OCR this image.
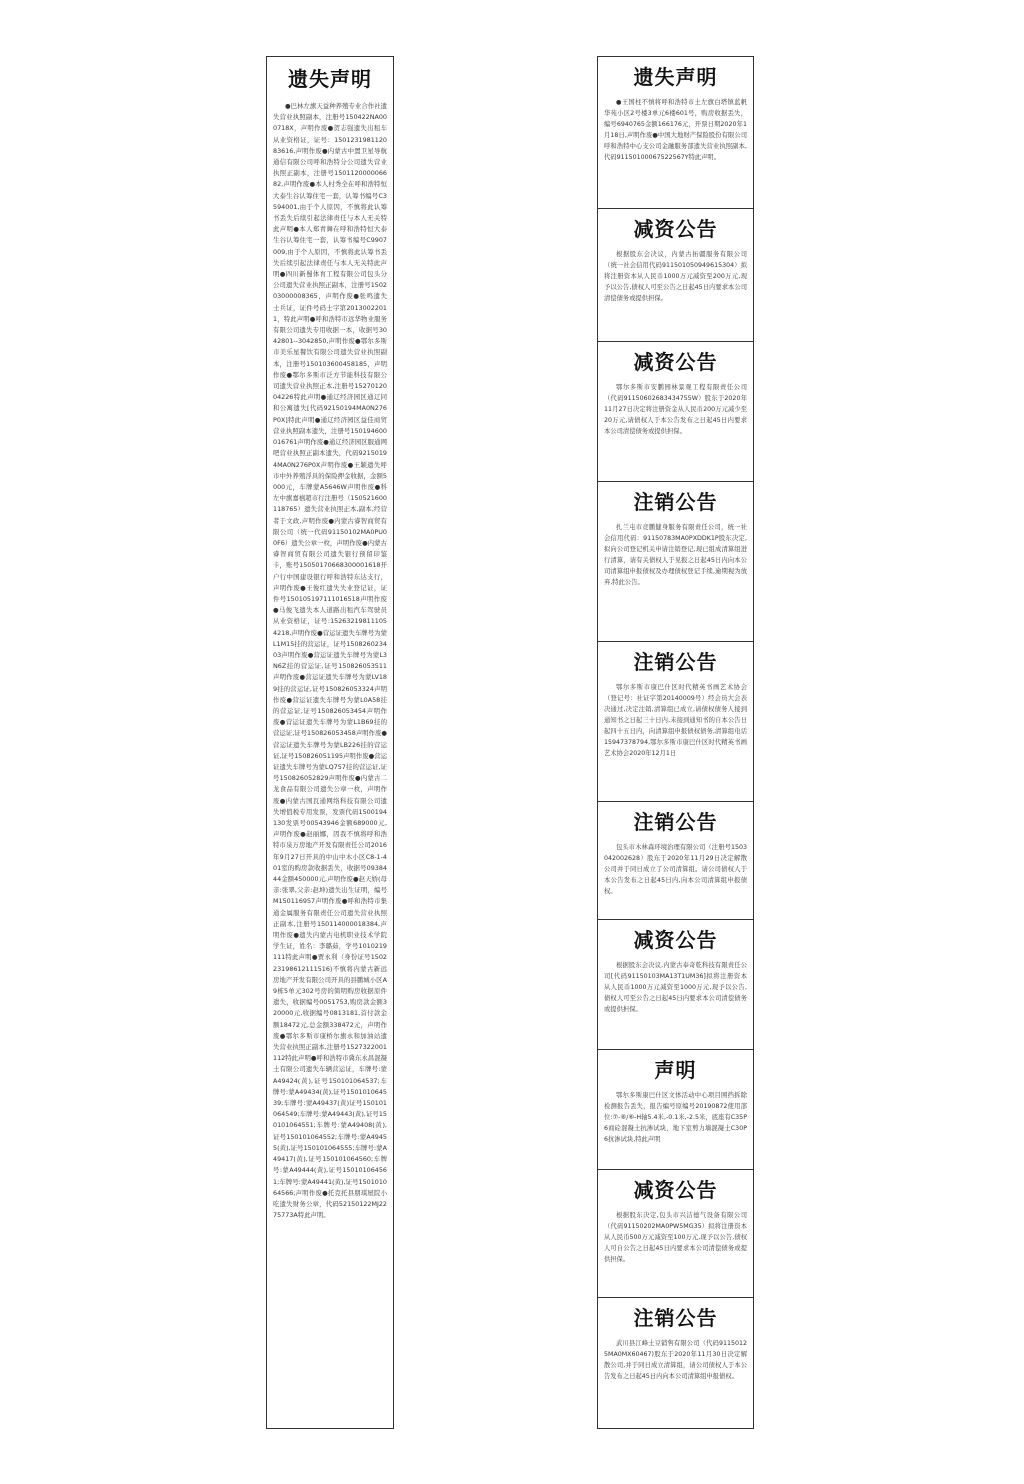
遗失声明
●巴林左旗天益种养殖专业合作社遗失营业执照副本，注册号150422NA000718X，声明作废●贺志强遗失出租车从业资格证，证号：150123198112083616,声明作废●内蒙古中置卫星导航通信有限公司呼和浩特分公司遗失营业执照正副本，注册号150112000006682,声明作废●本人村秀全在呼和浩特恒大泰生谷认筹住宅一套，认筹书编号C3594001,由于个人原因，不慎将此认筹书丢失后续引起法律责任与本人无关特此声明●本人郑青舞在呼和浩特恒大泰生谷认筹住宅一套，认筹书编号C9907009,由于个人原因，不慎将此认筹书丢失后续引起法律责任与本人无关特此声明●四川新蜀体育工程有限公司包头分公司遗失营业执照正副本，注册号150203000008365，声明作废●张鸣遗失士兵证，证件号码士字第20130022011，特此声明●呼和浩特市远华物业服务有限公司遗失专用收据一本，收据号3042801--3042850,声明作废●鄂尔多斯市美乐星餐饮有限公司遗失营业执照副本，注册号150103600458185，声明作废●鄂尔多斯市泛方节能科技有限公司遗失营业执照正本,注册号152701200422​6特此声明●通辽经济园区通辽同和公寓遗失[代码92150194MA0N276P0X]特此声明●通辽经济园区益佳商贸营业执照副本遗失，注册号150194600016761声明作废●通辽经济园区服通网吧营业执照正副本遗失，代码92150194MA0N276P0X声明作废●王颖遗失呼市中外养殖浮具的保险押金收据，金额5000元，车牌蒙A5646W声明作废●科左中旗嘉禧超市行注册号（150521600118765）遗失营业执照正本,副本,经营者于文政,声明作废●内蒙古睿智商贸有限公司（统一代码91150102MA0PU00F6）遗失公章一枚，声明作废●内蒙古睿智商贸有限公司遗失银行预留印鉴卡，账号15050170668300001618开户行中国建设银行呼和浩特东达支行，声明作废●王俊红遗失失业登记证，证件号150105197111016518声明作废●马俊飞遗失本人道路出租汽车驾驶员从业资格证，证号:152632198111054218,声明作废●营运证遗失车牌号为蒙L1M15挂的营运证，证号150826023403声明作废●营运证遗失车牌号为蒙L3N6Z挂的营运证,证号150826053511声明作废●营运证遗失车牌号为蒙LV189挂的营运证,证号150826053324声明作废●营运证遗失车牌号为蒙L0A58挂的营运证,证号150826053454声明作废●营运证遗失车牌号为蒙L1B69挂的营运证,证号150826053458声明作废●营运证遗失车牌号为蒙LB226挂的营运证,证号150826051195声明作废●营运证遗失车牌号为蒙LQ757挂的营运证,证号150826052829声明作废●内蒙古二龙食品有限公司遗失公章一枚，声明作废●内蒙古国瓦通网络科技有限公司遗失增值税专用发票，发票代码1500194130发票号00543946金额689000元,声明作废●赵丽娜，因我不慎将呼和浩特市泉万房地产开发有限责任公司2016年9月27日开具的中山中木小区C8-1-401室的购房款收据丢失，收据号0938444金额450000元,声明作废●赵天娇(母亲:张翠,父亲:赵坤)遗失出生证明，编号M150116957声明作废●呼和浩特市集通金属服务有限责任公司遗失营业执照正副本,注册号150114000018384,声明作废●遗失内蒙古电机职业技术学院学生证，姓名：李璐茹，学号1010219111特此声明●贾永利（身份证号150223198612111516)不慎将内蒙古新远房地产开发有限公司开具的县鹏城小区A9栋5单元302号房的简明购房收据原件遗失，收据编号0051753,购房款金额320000元,收据编号0813181,首付款金额18472元,总金额338472元，声明作废●鄂尔多斯市康桥尔旗永和加油站遗失营业执照正副本,注册号1527322001112特此声明●呼和浩特市冀东永昌混凝土有限公司遗失车辆营运证，车牌号:蒙A49424(黄),证号150101064537;车牌号:蒙A49434(黄),证号150101064539;车牌号:蒙A49437(黄)证号150101064549;车牌号:蒙A49443(黄),证号150101064551;车牌号:蒙A49408(黄),证号150101064552;车牌号:蒙A49455(黄),证号150101064555;车牌号:蒙A49417(黄),证号150101064560;车牌号:蒙A49444(黄),证号150101064561;车牌号:蒙A49441(黄),证号150101064566;声明作废●托克托县朋琪屋院小吃遗失财务公章，代码52150122MJ2275773A特此声明。
遗失声明
●王国柱不慎将呼和浩特市土左旗白塔镇蓝帆华苑小区2号楼3单元6楼601号，购房收据丢失，编号6940765金额166176元，开票日期2020年1月18日,声明作废●中国大地财产保险股份有限公司呼和浩特中心支公司金融服务部遗失营业执照副本,代码91150100067522567Y特此声明。
减资公告
根据股东会决议，内蒙古拓疆服务有限公司（统一社会信用代码91150105094961530​4）拟将注册资本从人民币1000万元减资至200万元,现予以公告,债权人可至公告之日起45日内要求本公司清偿债务或提供担保。
减资公告
鄂尔多斯市安鹏园林景观工程有限责任公司（代码91150602683434755W）股东于2020年11月27日决定将注册资金从人民币200万元减少至20万元,请债权人于本公告发布之日起45日内要求本公司清偿债务或提供担保。
注销公告
扎兰屯市竞鹏健身服务有限责任公司，统一社会信用代码：91150783MA0PXDDK1P股东决定,拟向公司登记机关申请注销登记,现已组成清算组进行清算，请有关债权人于见报之日起45日内向本公司清算组申报债权及办理债权登记手续,逾期视为放弃,特此公告。
注销公告
鄂尔多斯市康巴什区时代精英书画艺术协会（登记号：社证字第20140009号）经会员大会表决通过,决定注销,清算组已成立,请债权债务人接到通知书之日起三十日内,未接到通知书的自本公告日起四十五日内，向清算组申报债权债务,清算组电话15947378794,鄂尔多斯市康巴什区时代精英书画艺术协会2020年12月1日
注销公告
包头市木林森环境治理有限公司（注册号150304200262​8）股东于2020年11月29日决定解散公司并于同日成立了公司清算组。请公司债权人于本公告发布之日起45日内,向本公司清算组申报债权。
减资公告
根据股东会决议,内蒙古奉奇乾科技有限责任公司[代码91150103MA13T1UM36]拟将注册资本从人民币1000万元减资至1000万元,现予以公告,债权人可至公告之日起45日内要求本公司清偿债务或提供担保。
声明
鄂尔多斯康巴什区文体活动中心项目围挡拆除检测报告丢失，报告编号原编号20190872使用部位:⑦-⑧/⑥-H轴5.4米,-0.1米,-2.5米，底座有C35P6商砼混凝土抗渗试块，地下室剪力墙混凝土C30P6抗渗试块,特此声明
减资公告
根据股东决定,包头市兴洁德气设备有限公司（代码91150202MA0PW5MG35）拟将注册资本从人民币500万元减资至100万元,现予以公告,债权人可自公告之日起45日内要求本公司清偿债务或提供担保。
注销公告
武川县江峰土豆销售有限公司（代码91150125MA0MX60467)股东于2020年11月30日决定解散公司,并于同日成立清算组，请公司债权人于本公告发布之日起45日内向本公司清算组申报债权。
